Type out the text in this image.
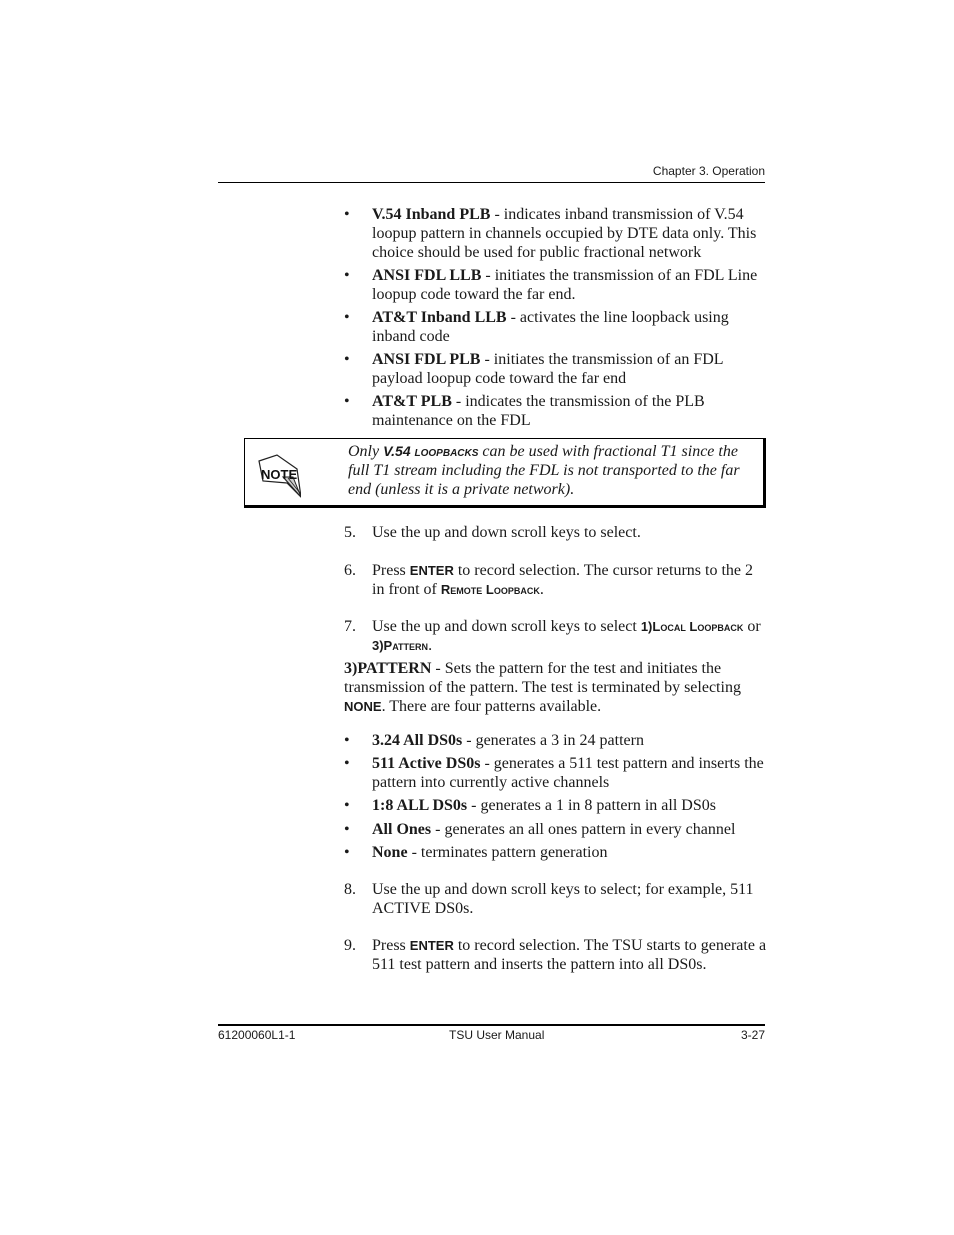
Chapter 3. Operation
• V.54 Inband PLB - indicates inband transmission of V.54 loopup pattern in channels occupied by DTE data only. This choice should be used for public fractional network
• ANSI FDL LLB - initiates the transmission of an FDL Line loopup code toward the far end.
• AT&T Inband LLB - activates the line loopback using inband code
• ANSI FDL PLB - initiates the transmission of an FDL payload loopup code toward the far end
• AT&T PLB - indicates the transmission of the PLB maintenance on the FDL
NOTE
Only V.54 loopbacks can be used with fractional T1 since the full T1 stream including the FDL is not transported to the far end (unless it is a private network).
5.	Use the up and down scroll keys to select.
6.	Press ENTER to record selection. The cursor returns to the 2 in front of Remote Loopback.
7.	Use the up and down scroll keys to select 1)Local Loopback or 3)Pattern.
3)PATTERN - Sets the pattern for the test and initiates the transmission of the pattern. The test is terminated by selecting NONE. There are four patterns available.
• 3.24 All DS0s - generates a 3 in 24 pattern
• 511 Active DS0s - generates a 511 test pattern and inserts the pattern into currently active channels
• 1:8 ALL DS0s - generates a 1 in 8 pattern in all DS0s
• All Ones - generates an all ones pattern in every channel
• None - terminates pattern generation
8.	Use the up and down scroll keys to select; for example, 511 ACTIVE DS0s.
9.	Press ENTER to record selection. The TSU starts to generate a 511 test pattern and inserts the pattern into all DS0s.
61200060L1-1	TSU User Manual	3-27
